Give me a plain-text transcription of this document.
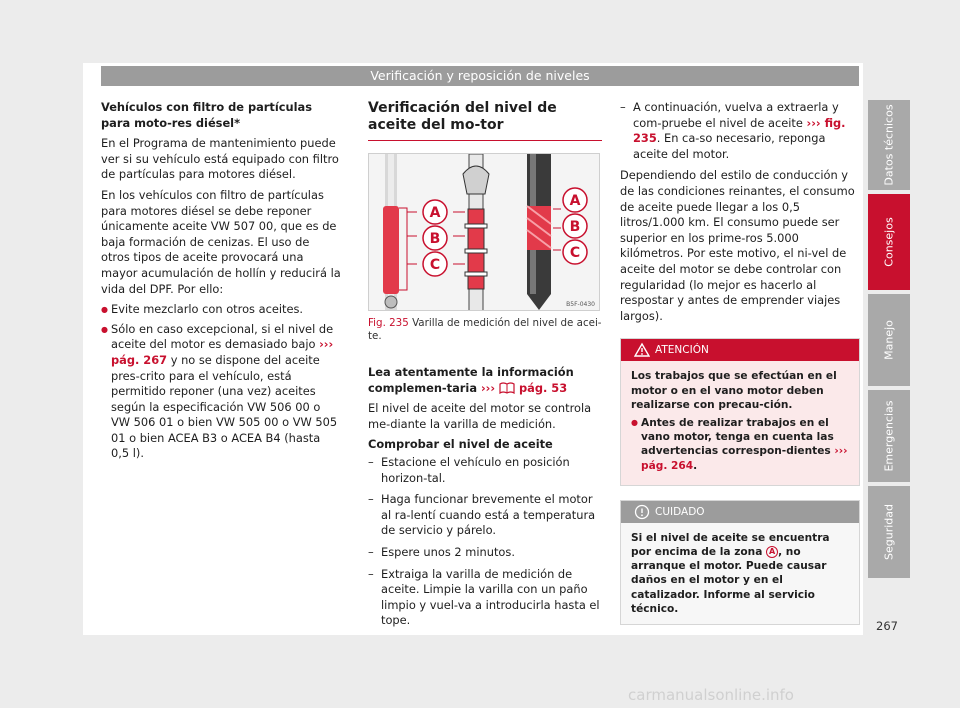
Verificación y reposición de niveles

Vehículos con filtro de partículas para moto-res diésel*

En el Programa de mantenimiento puede ver si su vehículo está equipado con filtro de partículas para motores diésel.

En los vehículos con filtro de partículas para motores diésel se debe reponer únicamente aceite VW 507 00, que es de baja formación de cenizas. El uso de otros tipos de aceite provocará una mayor acumulación de hollín y reducirá la vida del DPF. Por ello:

● Evite mezclarlo con otros aceites.
● Sólo en caso excepcional, si el nivel de aceite del motor es demasiado bajo ››› pág. 267 y no se dispone del aceite pres-crito para el vehículo, está permitido reponer (una vez) aceites según la especificación VW 506 00 o VW 506 01 o bien VW 505 00 o VW 505 01 o bien ACEA B3 o ACEA B4 (hasta 0,5 l).
Verificación del nivel de aceite del mo-tor
A
B
C
A
B
C
B5F-0430
Fig. 235 Varilla de medición del nivel de acei-te.

Lea atentamente la información complemen-taria ››› pág. 53

El nivel de aceite del motor se controla me-diante la varilla de medición.

Comprobar el nivel de aceite

– Estacione el vehículo en posición horizon-tal.
– Haga funcionar brevemente el motor al ra-lentí cuando está a temperatura de servicio y párelo.
– Espere unos 2 minutos.
– Extraiga la varilla de medición de aceite. Limpie la varilla con un paño limpio y vuel-va a introducirla hasta el tope.
– A continuación, vuelva a extraerla y com-pruebe el nivel de aceite ››› fig. 235. En ca-so necesario, reponga aceite del motor.

Dependiendo del estilo de conducción y de las condiciones reinantes, el consumo de aceite puede llegar a los 0,5 litros/1.000 km. El consumo puede ser superior en los prime-ros 5.000 kilómetros. Por este motivo, el ni-vel de aceite del motor se debe controlar con regularidad (lo mejor es hacerlo al respostar y antes de emprender viajes largos).

ATENCIÓN

Los trabajos que se efectúan en el motor o en el vano motor deben realizarse con precau-ción.

● Antes de realizar trabajos en el vano motor, tenga en cuenta las advertencias correspon-dientes ››› pág. 264.
CUIDADO
Si el nivel de aceite se encuentra por encima de la zona A , no arranque el motor. Puede causar daños en el motor y en el catalizador. Informe al servicio técnico.
Datos técnicos
Consejos
Manejo
Emergencias
Seguridad
267
carmanualsonline.info
